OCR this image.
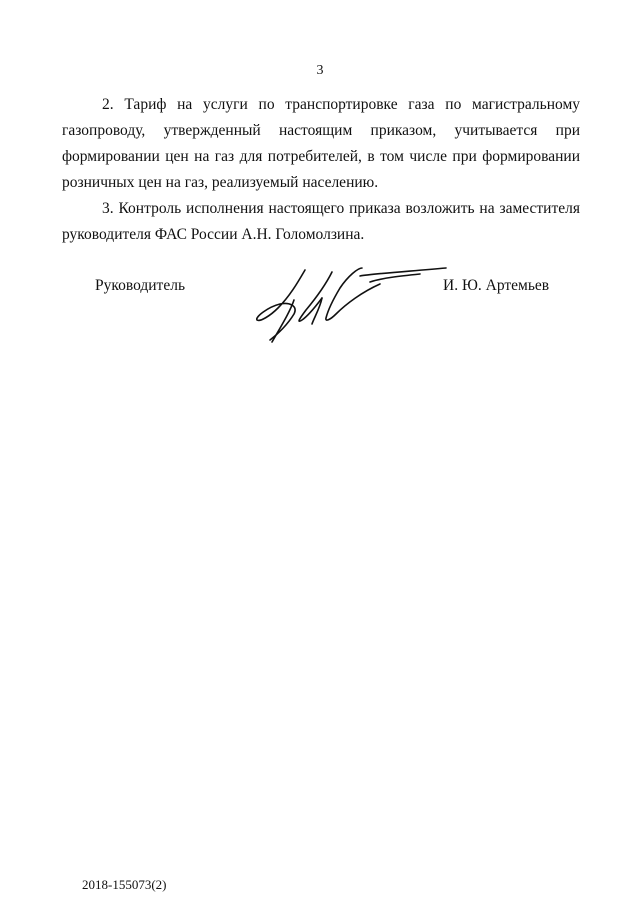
3

2. Тариф на услуги по транспортировке газа по магистральному газопроводу, утвержденный настоящим приказом, учитывается при формировании цен на газ для потребителей, в том числе при формировании розничных цен на газ, реализуемый населению.

3. Контроль исполнения настоящего приказа возложить на заместителя руководителя ФАС России А.Н. Голомолзина.

Руководитель	И. Ю. Артемьев
2018-155073(2)
